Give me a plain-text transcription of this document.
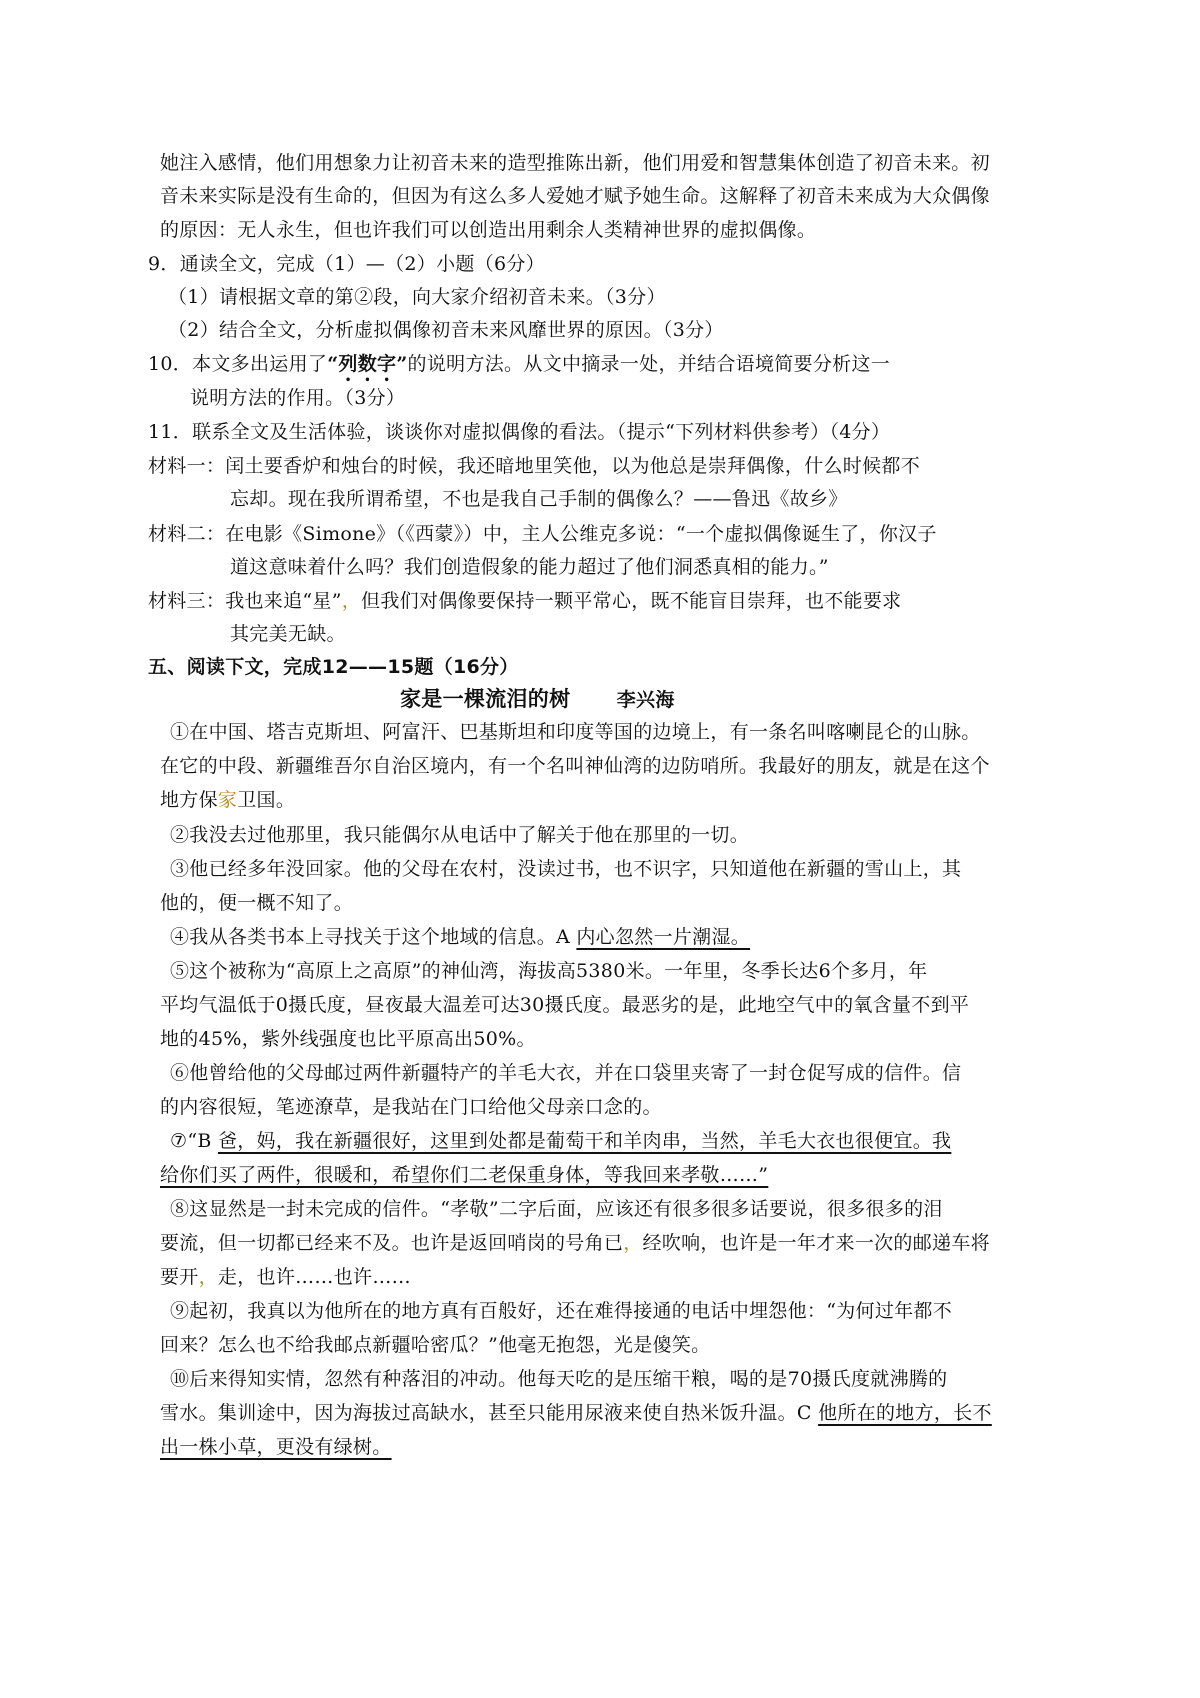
她注入感情，他们用想象力让初音未来的造型推陈出新，他们用爱和智慧集体创造了初音未来。初
音未来实际是没有生命的，但因为有这么多人爱她才赋予她生命。这解释了初音未来成为大众偶像
的原因：无人永生，但也许我们可以创造出用剩余人类精神世界的虚拟偶像。
9．通读全文，完成（1）—（2）小题（6分）
（1）请根据文章的第②段，向大家介绍初音未来。（3分）
（2）结合全文，分析虚拟偶像初音未来风靡世界的原因。（3分）
10．本文多出运用了“列数字”的说明方法。从文中摘录一处，并结合语境简要分析这一
说明方法的作用。（3分）
11．联系全文及生活体验，谈谈你对虚拟偶像的看法。（提示“下列材料供参考）（4分）
材料一：闰土要香炉和烛台的时候，我还暗地里笑他，以为他总是崇拜偶像，什么时候都不
忘却。现在我所谓希望，不也是我自己手制的偶像么？——鲁迅《故乡》
材料二：在电影《Simone》（《西蒙》）中，主人公维克多说：“一个虚拟偶像诞生了，你汉子
道这意味着什么吗？我们创造假象的能力超过了他们洞悉真相的能力。”
材料三：我也来追“星”，但我们对偶像要保持一颗平常心，既不能盲目崇拜，也不能要求
其完美无缺。
五、阅读下文，完成12——15题（16分）
家是一棵流泪的树 李兴海
①在中国、塔吉克斯坦、阿富汗、巴基斯坦和印度等国的边境上，有一条名叫喀喇昆仑的山脉。
在它的中段、新疆维吾尔自治区境内，有一个名叫神仙湾的边防哨所。我最好的朋友，就是在这个
地方保家卫国。
②我没去过他那里，我只能偶尔从电话中了解关于他在那里的一切。
③他已经多年没回家。他的父母在农村，没读过书，也不识字，只知道他在新疆的雪山上，其
他的，便一概不知了。
④我从各类书本上寻找关于这个地域的信息。A 内心忽然一片潮湿。
⑤这个被称为“高原上之高原”的神仙湾，海拔高5380米。一年里，冬季长达6个多月，年
平均气温低于0摄氏度，昼夜最大温差可达30摄氏度。最恶劣的是，此地空气中的氧含量不到平
地的45%，紫外线强度也比平原高出50%。
⑥他曾给他的父母邮过两件新疆特产的羊毛大衣，并在口袋里夹寄了一封仓促写成的信件。信
的内容很短，笔迹潦草，是我站在门口给他父母亲口念的。
⑦“B 爸，妈，我在新疆很好，这里到处都是葡萄干和羊肉串，当然，羊毛大衣也很便宜。我
给你们买了两件，很暖和，希望你们二老保重身体，等我回来孝敬……”
⑧这显然是一封未完成的信件。“孝敬”二字后面，应该还有很多很多话要说，很多很多的泪
要流，但一切都已经来不及。也许是返回哨岗的号角已，经吹响，也许是一年才来一次的邮递车将
要开，走，也许……也许……
⑨起初，我真以为他所在的地方真有百般好，还在难得接通的电话中埋怨他：“为何过年都不
回来？怎么也不给我邮点新疆哈密瓜？”他毫无抱怨，光是傻笑。
⑩后来得知实情，忽然有种落泪的冲动。他每天吃的是压缩干粮，喝的是70摄氏度就沸腾的
雪水。集训途中，因为海拔过高缺水，甚至只能用尿液来使自热米饭升温。C 他所在的地方，长不
出一株小草，更没有绿树。
